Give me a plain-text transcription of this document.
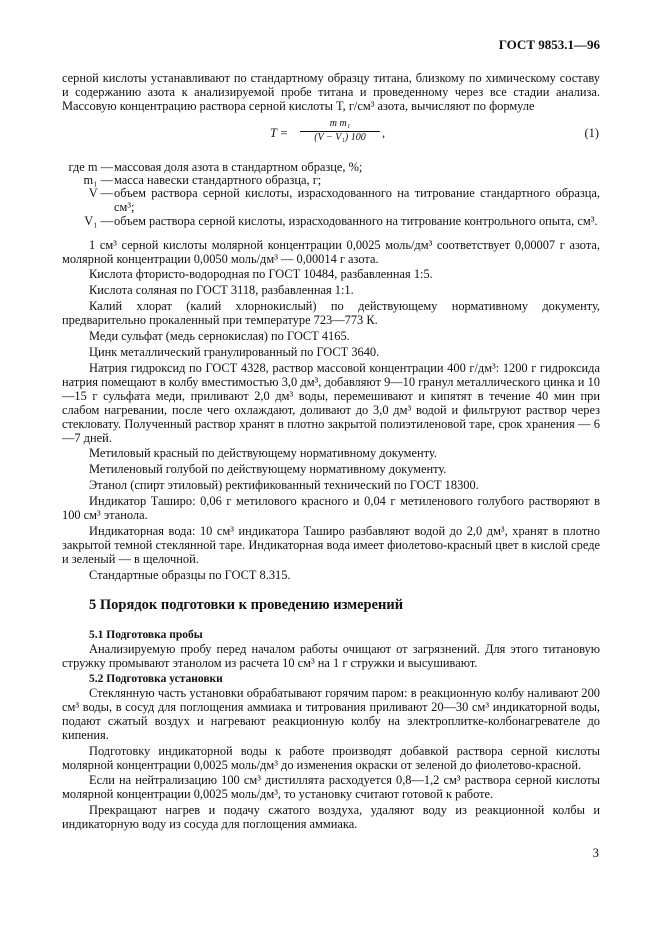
ГОСТ 9853.1—96

серной кислоты устанавливают по стандартному образцу титана, близкому по химическому составу и содержанию азота к анализируемой пробе титана и проведенному через все стадии анализа. Массовую концентрацию раствора серной кислоты T, г/см³ азота, вычисляют по формуле

$T = \frac{\text{m m₁}}{\text{(V − V₁) 100}}$ ,	(1)
где m — массовая доля азота в стандартном образце, %;
m₁ — масса навески стандартного образца, г;
V — объем раствора серной кислоты, израсходованного на титрование стандартного образца, см³;
V₁ — объем раствора серной кислоты, израсходованного на титрование контрольного опыта, см³.

1 см³ серной кислоты молярной концентрации 0,0025 моль/дм³ соответствует 0,00007 г азота, молярной концентрации 0,0050 моль/дм³ — 0,00014 г азота.

Кислота фтористо-водородная по ГОСТ 10484, разбавленная 1:5.

Кислота соляная по ГОСТ 3118, разбавленная 1:1.

Калий хлорат (калий хлорнокислый) по действующему нормативному документу, предварительно прокаленный при температуре 723—773 К.

Меди сульфат (медь сернокислая) по ГОСТ 4165.

Цинк металлический гранулированный по ГОСТ 3640.

Натрия гидроксид по ГОСТ 4328, раствор массовой концентрации 400 г/дм³: 1200 г гидроксида натрия помещают в колбу вместимостью 3,0 дм³, добавляют 9—10 гранул металлического цинка и 10—15 г сульфата меди, приливают 2,0 дм³ воды, перемешивают и кипятят в течение 40 мин при слабом нагревании, после чего охлаждают, доливают до 3,0 дм³ водой и фильтруют раствор через стекловату. Полученный раствор хранят в плотно закрытой полиэтиленовой таре, срок хранения — 6—7 дней.

Метиловый красный по действующему нормативному документу.

Метиленовый голубой по действующему нормативному документу.

Этанол (спирт этиловый) ректификованный технический по ГОСТ 18300.

Индикатор Таширо: 0,06 г метилового красного и 0,04 г метиленового голубого растворяют в 100 см³ этанола.

Индикаторная вода: 10 см³ индикатора Таширо разбавляют водой до 2,0 дм³, хранят в плотно закрытой темной стеклянной таре. Индикаторная вода имеет фиолетово-красный цвет в кислой среде и зеленый — в щелочной.

Стандартные образцы по ГОСТ 8.315.

5 Порядок подготовки к проведению измерений
5.1 Подготовка пробы

Анализируемую пробу перед началом работы очищают от загрязнений. Для этого титановую стружку промывают этанолом из расчета 10 см³ на 1 г стружки и высушивают.

5.2 Подготовка установки

Стеклянную часть установки обрабатывают горячим паром: в реакционную колбу наливают 200 см³ воды, в сосуд для поглощения аммиака и титрования приливают 20—30 см³ индикаторной воды, подают сжатый воздух и нагревают реакционную колбу на электроплитке-колбонагревателе до кипения.

Подготовку индикаторной воды к работе производят добавкой раствора серной кислоты молярной концентрации 0,0025 моль/дм³ до изменения окраски от зеленой до фиолетово-красной.

Если на нейтрализацию 100 см³ дистиллята расходуется 0,8—1,2 см³ раствора серной кислоты молярной концентрации 0,0025 моль/дм³, то установку считают готовой к работе.

Прекращают нагрев и подачу сжатого воздуха, удаляют воду из реакционной колбы и индикаторную воду из сосуда для поглощения аммиака.

3
